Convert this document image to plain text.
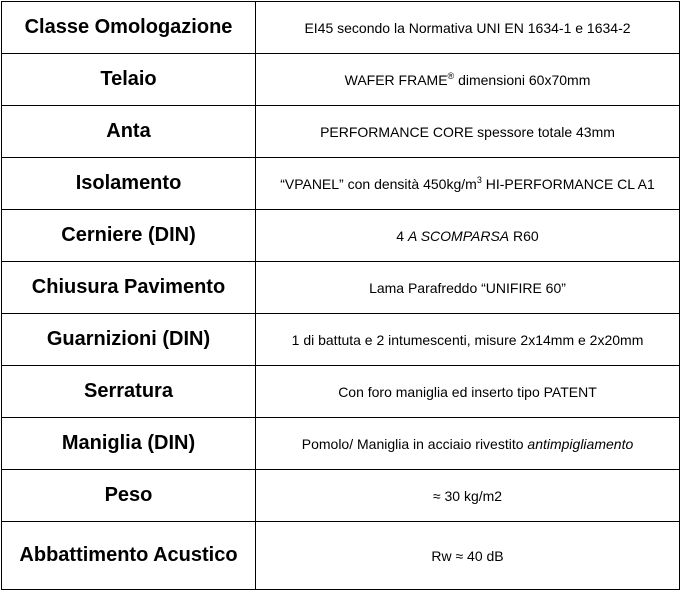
Classe Omologazione	EI45 secondo la Normativa UNI EN 1634-1 e 1634-2
Telaio	WAFER FRAME® dimensioni 60x70mm
Anta	PERFORMANCE CORE spessore totale 43mm
Isolamento	“VPANEL” con densità $450kg/m^3$ HI-PERFORMANCE CL A1
Cerniere (DIN)	4 A SCOMPARSA R60
Chiusura Pavimento	Lama Parafreddo “UNIFIRE 60”
Guarnizioni (DIN)	1 di battuta e 2 intumescenti, misure 2x14mm e 2x20mm
Serratura	Con foro maniglia ed inserto tipo PATENT
Maniglia (DIN)	Pomolo/ Maniglia in acciaio rivestito antimpigliamento
Peso	≈ 30 kg/m2
Abbattimento Acustico	Rw ≈ 40 dB
